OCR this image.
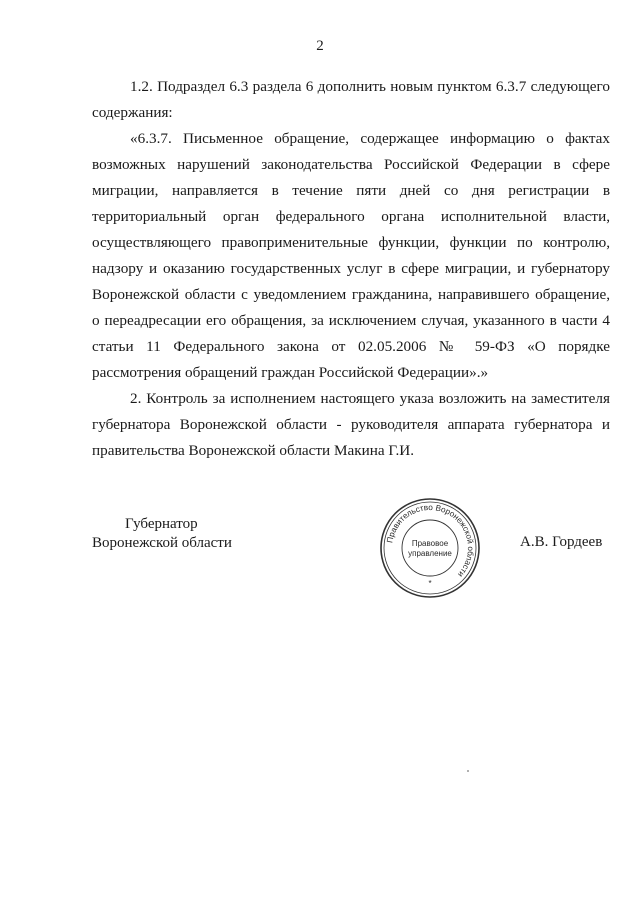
2

1.2. Подраздел 6.3 раздела 6 дополнить новым пунктом 6.3.7 следующего содержания:

«6.3.7. Письменное обращение, содержащее информацию о фактах возможных нарушений законодательства Российской Федерации в сфере миграции, направляется в течение пяти дней со дня регистрации в территориальный орган федерального органа исполнительной власти, осуществляющего правоприменительные функции, функции по контролю, надзору и оказанию государственных услуг в сфере миграции, и губернатору Воронежской области с уведомлением гражданина, направившего обращение, о переадресации его обращения, за исключением случая, указанного в части 4 статьи 11 Федерального закона от 02.05.2006 № 59-ФЗ «О порядке рассмотрения обращений граждан Российской Федерации».»

2. Контроль за исполнением настоящего указа возложить на заместителя губернатора Воронежской области - руководителя аппарата губернатора и правительства Воронежской области Макина Г.И.

Губернатор
Воронежской области	Правительство Воронежской области
Правовое
управление
*
А.В. Гордеев
